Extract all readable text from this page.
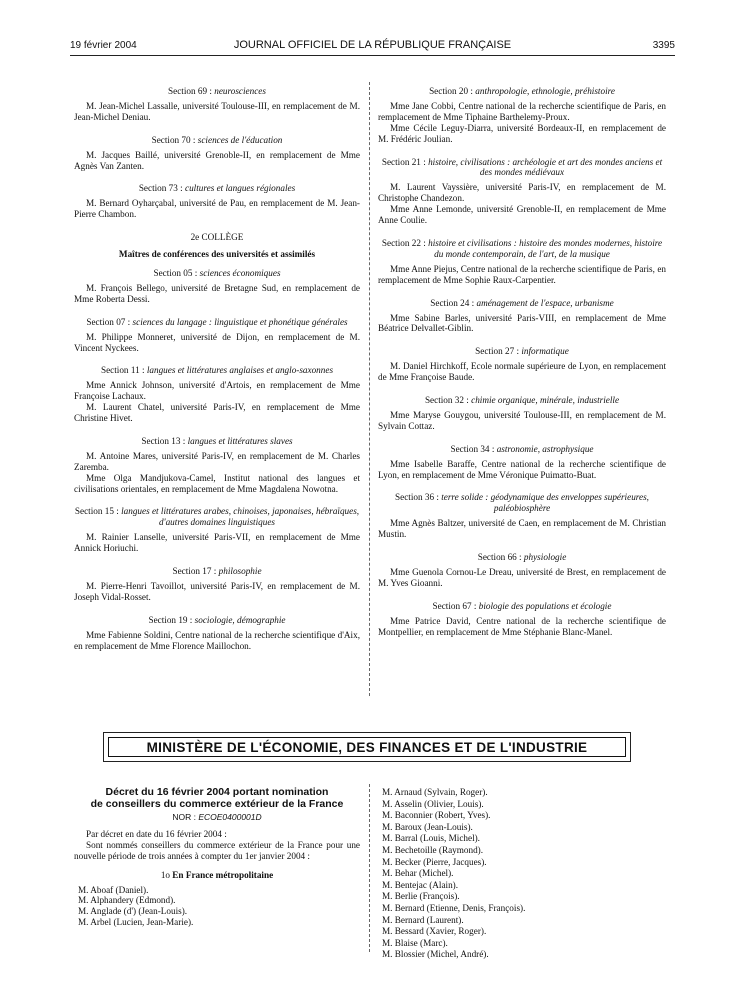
19 février 2004	JOURNAL OFFICIEL DE LA RÉPUBLIQUE FRANÇAISE	3395

Section 69 : neurosciences

M. Jean-Michel Lassalle, université Toulouse-III, en remplacement de M. Jean-Michel Deniau.

Section 70 : sciences de l'éducation

M. Jacques Baillé, université Grenoble-II, en remplacement de Mme Agnès Van Zanten.

Section 73 : cultures et langues régionales

M. Bernard Oyharçabal, université de Pau, en remplacement de M. Jean-Pierre Chambon.

2e COLLÈGE
Maîtres de conférences des universités et assimilés

Section 05 : sciences économiques

M. François Bellego, université de Bretagne Sud, en remplacement de Mme Roberta Dessi.

Section 07 : sciences du langage : linguistique et phonétique générales

M. Philippe Monneret, université de Dijon, en remplacement de M. Vincent Nyckees.

Section 11 : langues et littératures anglaises et anglo-saxonnes

Mme Annick Johnson, université d'Artois, en remplacement de Mme Françoise Lachaux.

M. Laurent Chatel, université Paris-IV, en remplacement de Mme Christine Hivet.

Section 13 : langues et littératures slaves

M. Antoine Mares, université Paris-IV, en remplacement de M. Charles Zaremba.

Mme Olga Mandjukova-Camel, Institut national des langues et civilisations orientales, en remplacement de Mme Magdalena Nowotna.

Section 15 : langues et littératures arabes, chinoises, japonaises, hébraïques, d'autres domaines linguistiques

M. Rainier Lanselle, université Paris-VII, en remplacement de Mme Annick Horiuchi.

Section 17 : philosophie

M. Pierre-Henri Tavoillot, université Paris-IV, en remplacement de M. Joseph Vidal-Rosset.

Section 19 : sociologie, démographie

Mme Fabienne Soldini, Centre national de la recherche scientifique d'Aix, en remplacement de Mme Florence Maillochon.

Section 20 : anthropologie, ethnologie, préhistoire

Mme Jane Cobbi, Centre national de la recherche scientifique de Paris, en remplacement de Mme Tiphaine Barthelemy-Proux.

Mme Cécile Leguy-Diarra, université Bordeaux-II, en remplacement de M. Frédéric Joulian.

Section 21 : histoire, civilisations : archéologie et art des mondes anciens et des mondes médiévaux

M. Laurent Vayssière, université Paris-IV, en remplacement de M. Christophe Chandezon.

Mme Anne Lemonde, université Grenoble-II, en remplacement de Mme Anne Coulie.

Section 22 : histoire et civilisations : histoire des mondes modernes, histoire du monde contemporain, de l'art, de la musique

Mme Anne Piejus, Centre national de la recherche scientifique de Paris, en remplacement de Mme Sophie Raux-Carpentier.

Section 24 : aménagement de l'espace, urbanisme

Mme Sabine Barles, université Paris-VIII, en remplacement de Mme Béatrice Delvallet-Giblin.

Section 27 : informatique

M. Daniel Hirchkoff, Ecole normale supérieure de Lyon, en remplacement de Mme Françoise Baude.

Section 32 : chimie organique, minérale, industrielle

Mme Maryse Gouygou, université Toulouse-III, en remplacement de M. Sylvain Cottaz.

Section 34 : astronomie, astrophysique

Mme Isabelle Baraffe, Centre national de la recherche scientifique de Lyon, en remplacement de Mme Véronique Puimatto-Buat.

Section 36 : terre solide : géodynamique des enveloppes supérieures, paléobiosphère

Mme Agnès Baltzer, université de Caen, en remplacement de M. Christian Mustin.

Section 66 : physiologie

Mme Guenola Cornou-Le Dreau, université de Brest, en remplacement de M. Yves Gioanni.

Section 67 : biologie des populations et écologie

Mme Patrice David, Centre national de la recherche scientifique de Montpellier, en remplacement de Mme Stéphanie Blanc-Manel.

MINISTÈRE DE L'ÉCONOMIE, DES FINANCES ET DE L'INDUSTRIE

Décret du 16 février 2004 portant nomination

de conseillers du commerce extérieur de la France

NOR : ECOE0400001D

Par décret en date du 16 février 2004 :

Sont nommés conseillers du commerce extérieur de la France pour une nouvelle période de trois années à compter du 1er janvier 2004 :

1o En France métropolitaine

M. Aboaf (Daniel).
M. Alphandery (Edmond).
M. Anglade (d') (Jean-Louis).
M. Arbel (Lucien, Jean-Marie).
M. Arnaud (Sylvain, Roger).
M. Asselin (Olivier, Louis).
M. Baconnier (Robert, Yves).
M. Baroux (Jean-Louis).
M. Barral (Louis, Michel).
M. Bechetoille (Raymond).
M. Becker (Pierre, Jacques).
M. Behar (Michel).
M. Bentejac (Alain).
M. Berlie (François).
M. Bernard (Etienne, Denis, François).
M. Bernard (Laurent).
M. Bessard (Xavier, Roger).
M. Blaise (Marc).
M. Blossier (Michel, André).
